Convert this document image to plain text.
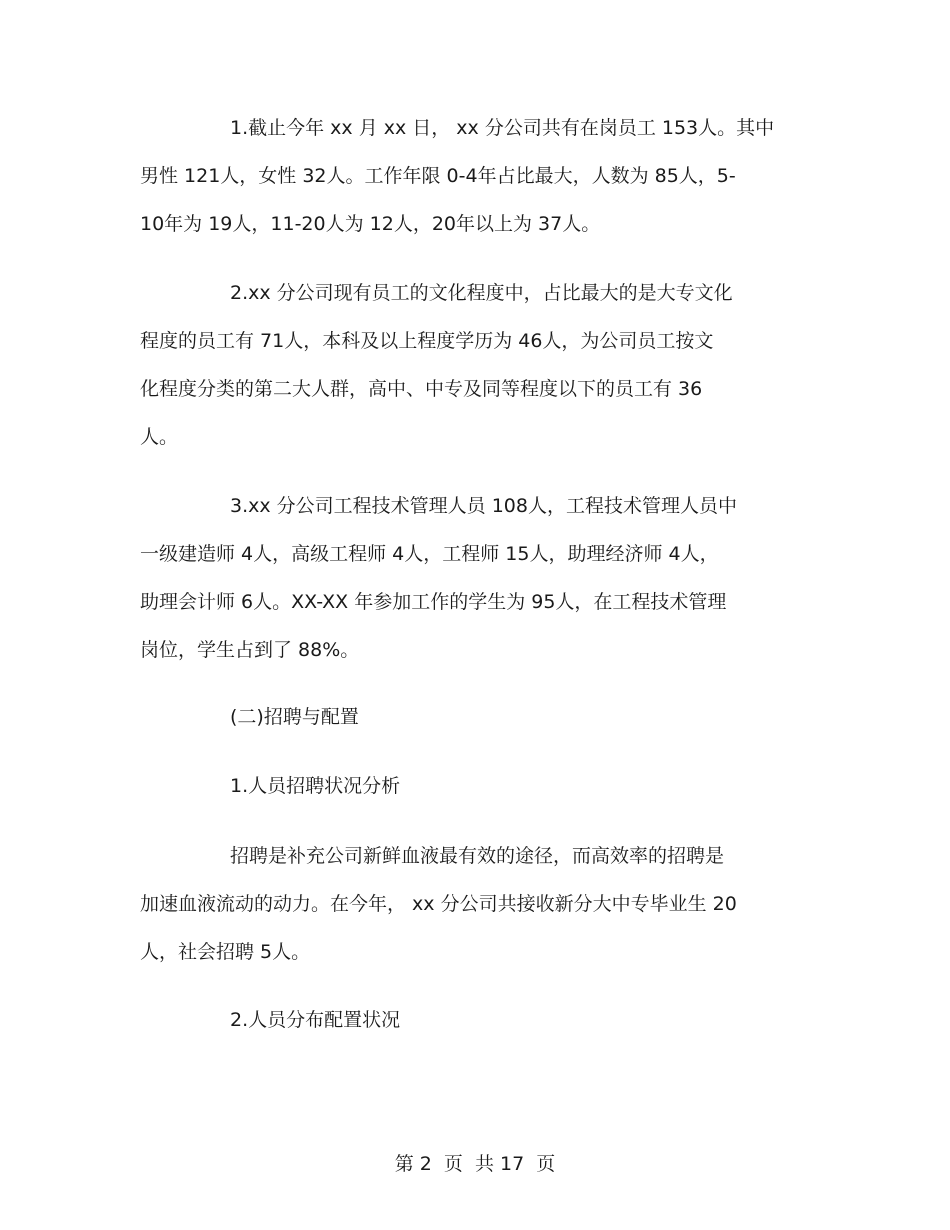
1.截止今年 xx 月 xx 日， xx 分公司共有在岗员工 153人。其中
男性 121人，女性 32人。工作年限 0-4年占比最大，人数为 85人，5-
10年为 19人，11-20人为 12人，20年以上为 37人。
2.xx 分公司现有员工的文化程度中，占比最大的是大专文化
程度的员工有 71人，本科及以上程度学历为 46人，为公司员工按文
化程度分类的第二大人群，高中、中专及同等程度以下的员工有 36
人。
3.xx 分公司工程技术管理人员 108人，工程技术管理人员中
一级建造师 4人，高级工程师 4人，工程师 15人，助理经济师 4人，
助理会计师 6人。XX-XX 年参加工作的学生为 95人，在工程技术管理
岗位，学生占到了 88%。
(二)招聘与配置
1.人员招聘状况分析
招聘是补充公司新鲜血液最有效的途径，而高效率的招聘是
加速血液流动的动力。在今年， xx 分公司共接收新分大中专毕业生 20
人，社会招聘 5人。
2.人员分布配置状况
第 2  页  共 17  页
